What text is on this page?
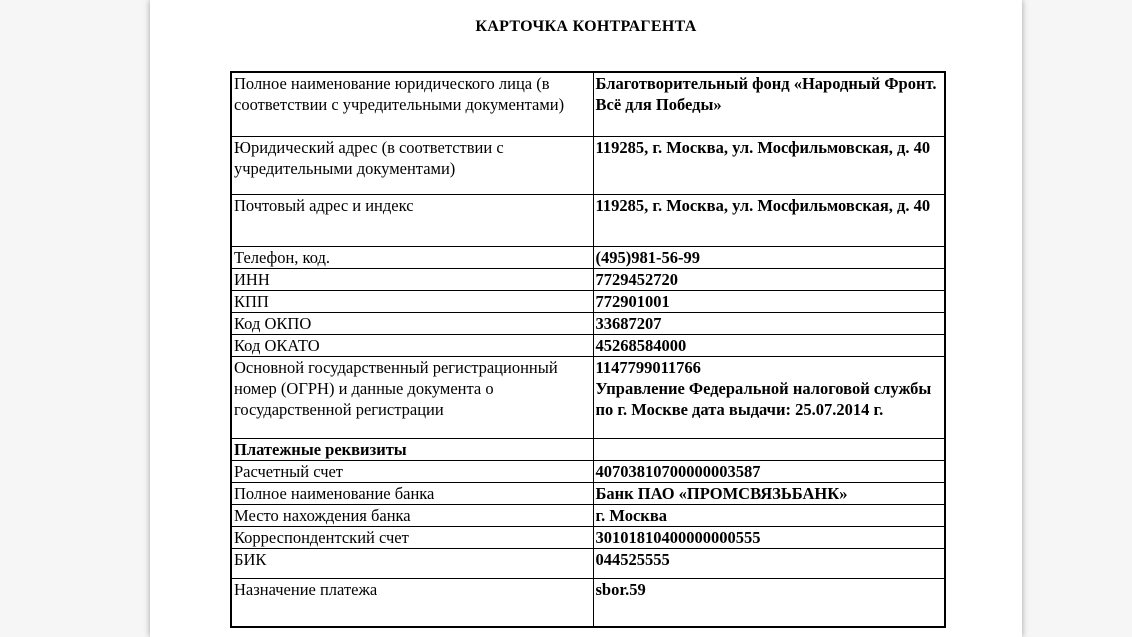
КАРТОЧКА КОНТРАГЕНТА
Полное наименование юридического лица (в соответствии с учредительными документами)	Благотворительный фонд «Народный Фронт. Всё для Победы»
Юридический адрес (в соответствии с учредительными документами)	119285, г. Москва, ул. Мосфильмовская, д. 40
Почтовый адрес и индекс	119285, г. Москва, ул. Мосфильмовская, д. 40
Телефон, код.	(495)981-56-99
ИНН	7729452720
КПП	772901001
Код ОКПО	33687207
Код ОКАТО	45268584000
Основной государственный регистрационный номер (ОГРН) и данные документа о государственной регистрации	1147799011766
Управление Федеральной налоговой службы по г. Москве дата выдачи: 25.07.2014 г.

Платежные реквизиты	
Расчетный счет	40703810700000003587
Полное наименование банка	Банк ПАО «ПРОМСВЯЗЬБАНК»
Место нахождения банка	г. Москва
Корреспондентский счет	30101810400000000555
БИК	044525555
Назначение платежа	sbor.59
